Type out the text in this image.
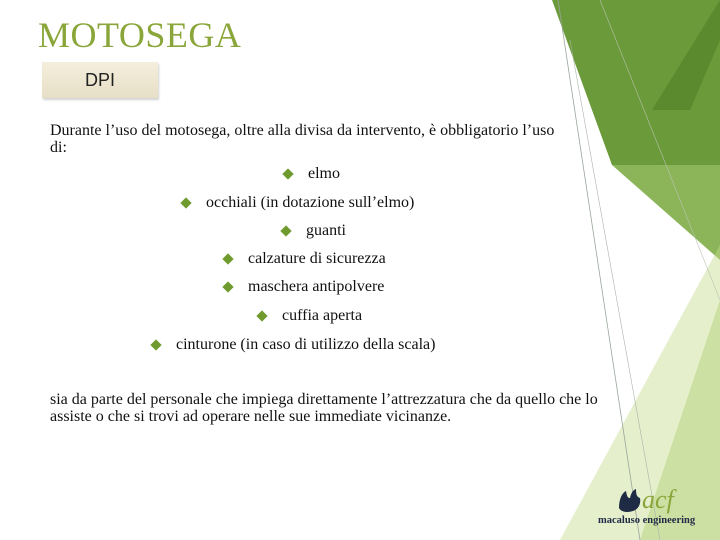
MOTOSEGA
DPI

Durante l’uso del motosega, oltre alla divisa da intervento, è obbligatorio l’uso di:

elmo
occhiali (in dotazione sull’elmo)
guanti
calzature di sicurezza
maschera antipolvere
cuffia aperta
cinturone (in caso di utilizzo della scala)

sia da parte del personale che impiega direttamente l’attrezzatura che da quello che lo assiste o che si trovi ad operare nelle sue immediate vicinanze.

acf
macaluso engineering
